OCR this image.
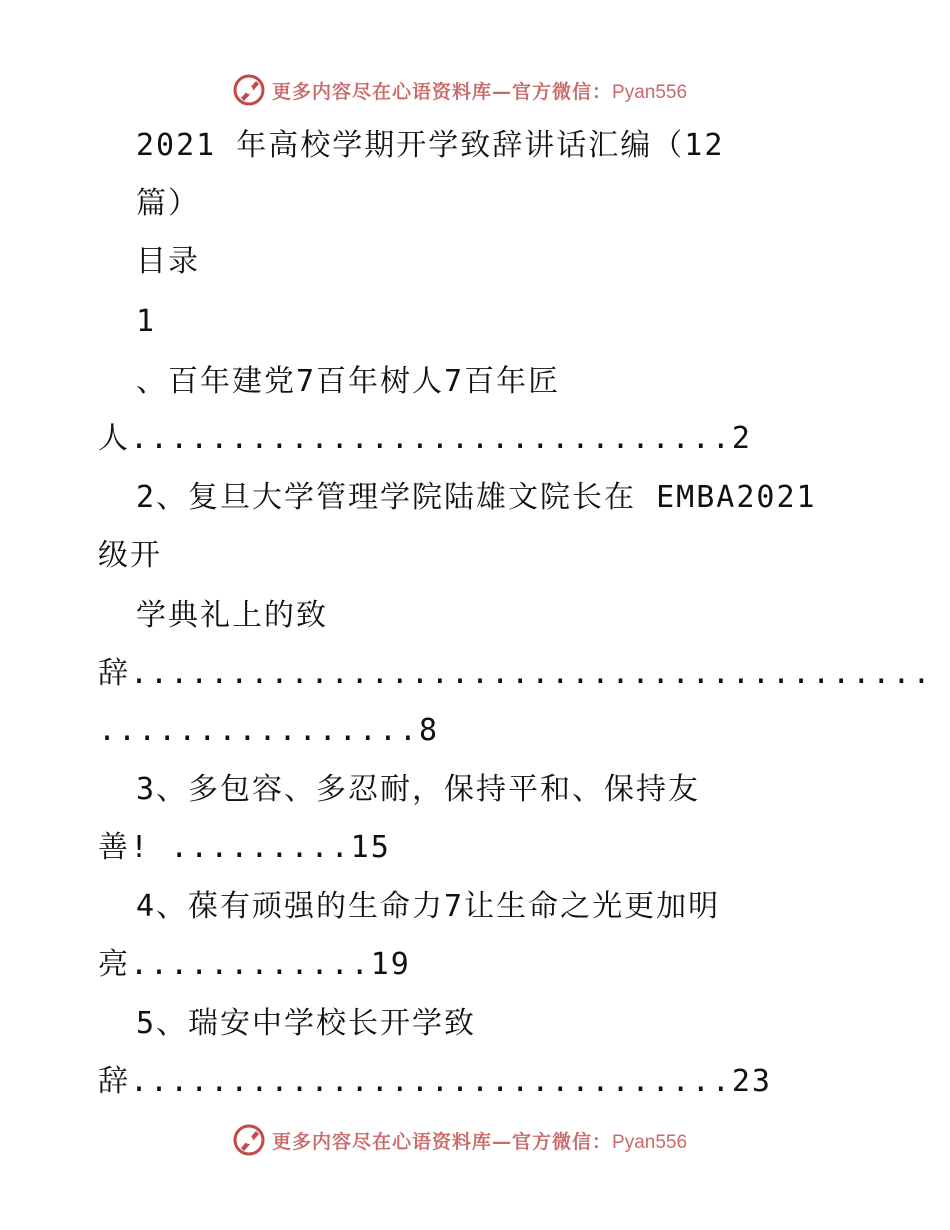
更多内容尽在心语资料库—官方微信：Pyan556
2021 年高校学期开学致辞讲话汇编（12
篇）
目录
1
、百年建党7百年树人7百年匠
人..............................2
2、复旦大学管理学院陆雄文院长在 EMBA2021
级开
学典礼上的致
辞........................................
................8
3、多包容、多忍耐，保持平和、保持友
善! .........15
4、葆有顽强的生命力7让生命之光更加明
亮............19
5、瑞安中学校长开学致
辞..............................23
更多内容尽在心语资料库—官方微信：Pyan556
